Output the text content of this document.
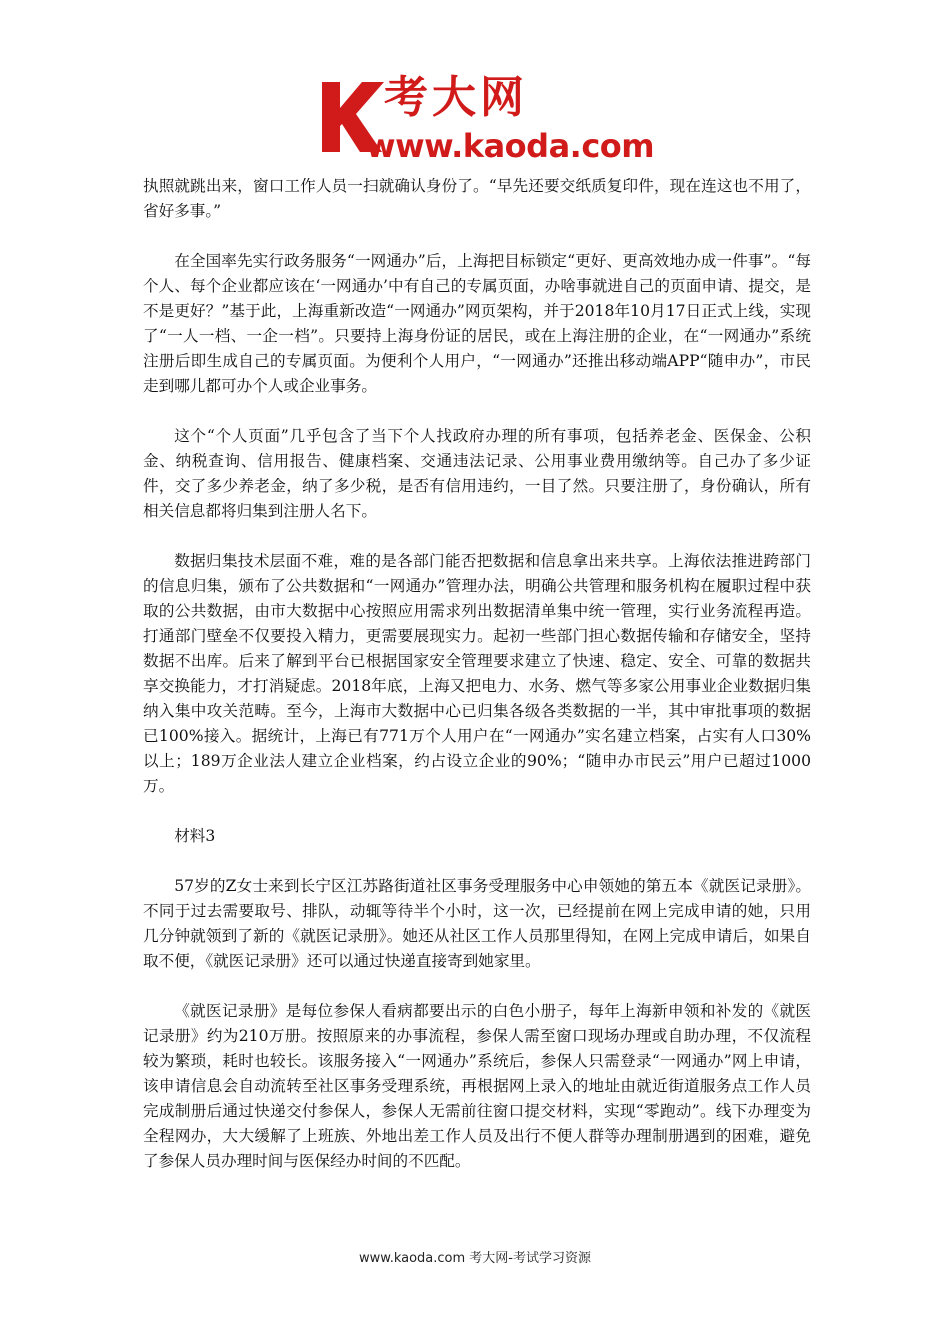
考大网
www.kaoda.com

执照就跳出来，窗口工作人员一扫就确认身份了。“早先还要交纸质复印件，现在连这也不用了，省好多事。”

在全国率先实行政务服务“一网通办”后，上海把目标锁定“更好、更高效地办成一件事”。“每个人、每个企业都应该在‘一网通办’中有自己的专属页面，办啥事就进自己的页面申请、提交，是不是更好？”基于此，上海重新改造“一网通办”网页架构，并于2018年10月17日正式上线，实现了“一人一档、一企一档”。只要持上海身份证的居民，或在上海注册的企业，在“一网通办”系统注册后即生成自己的专属页面。为便利个人用户，“一网通办”还推出移动端APP“随申办”，市民走到哪儿都可办个人或企业事务。

这个“个人页面”几乎包含了当下个人找政府办理的所有事项，包括养老金、医保金、公积金、纳税查询、信用报告、健康档案、交通违法记录、公用事业费用缴纳等。自己办了多少证件，交了多少养老金，纳了多少税，是否有信用违约，一目了然。只要注册了，身份确认，所有相关信息都将归集到注册人名下。

数据归集技术层面不难，难的是各部门能否把数据和信息拿出来共享。上海依法推进跨部门的信息归集，颁布了公共数据和“一网通办”管理办法，明确公共管理和服务机构在履职过程中获取的公共数据，由市大数据中心按照应用需求列出数据清单集中统一管理，实行业务流程再造。打通部门壁垒不仅要投入精力，更需要展现实力。起初一些部门担心数据传输和存储安全，坚持数据不出库。后来了解到平台已根据国家安全管理要求建立了快速、稳定、安全、可靠的数据共享交换能力，才打消疑虑。2018年底，上海又把电力、水务、燃气等多家公用事业企业数据归集纳入集中攻关范畴。至今，上海市大数据中心已归集各级各类数据的一半，其中审批事项的数据已100%接入。据统计，上海已有771万个人用户在“一网通办”实名建立档案，占实有人口30%以上；189万企业法人建立企业档案，约占设立企业的90%；“随申办市民云”用户已超过1000万。

材料3

57岁的Z女士来到长宁区江苏路街道社区事务受理服务中心申领她的第五本《就医记录册》。不同于过去需要取号、排队，动辄等待半个小时，这一次，已经提前在网上完成申请的她，只用几分钟就领到了新的《就医记录册》。她还从社区工作人员那里得知，在网上完成申请后，如果自取不便，《就医记录册》还可以通过快递直接寄到她家里。

《就医记录册》是每位参保人看病都要出示的白色小册子，每年上海新申领和补发的《就医记录册》约为210万册。按照原来的办事流程，参保人需至窗口现场办理或自助办理，不仅流程较为繁琐，耗时也较长。该服务接入“一网通办”系统后，参保人只需登录“一网通办”网上申请，该申请信息会自动流转至社区事务受理系统，再根据网上录入的地址由就近街道服务点工作人员完成制册后通过快递交付参保人，参保人无需前往窗口提交材料，实现“零跑动”。线下办理变为全程网办，大大缓解了上班族、外地出差工作人员及出行不便人群等办理制册遇到的困难，避免了参保人员办理时间与医保经办时间的不匹配。

www.kaoda.com 考大网-考试学习资源
